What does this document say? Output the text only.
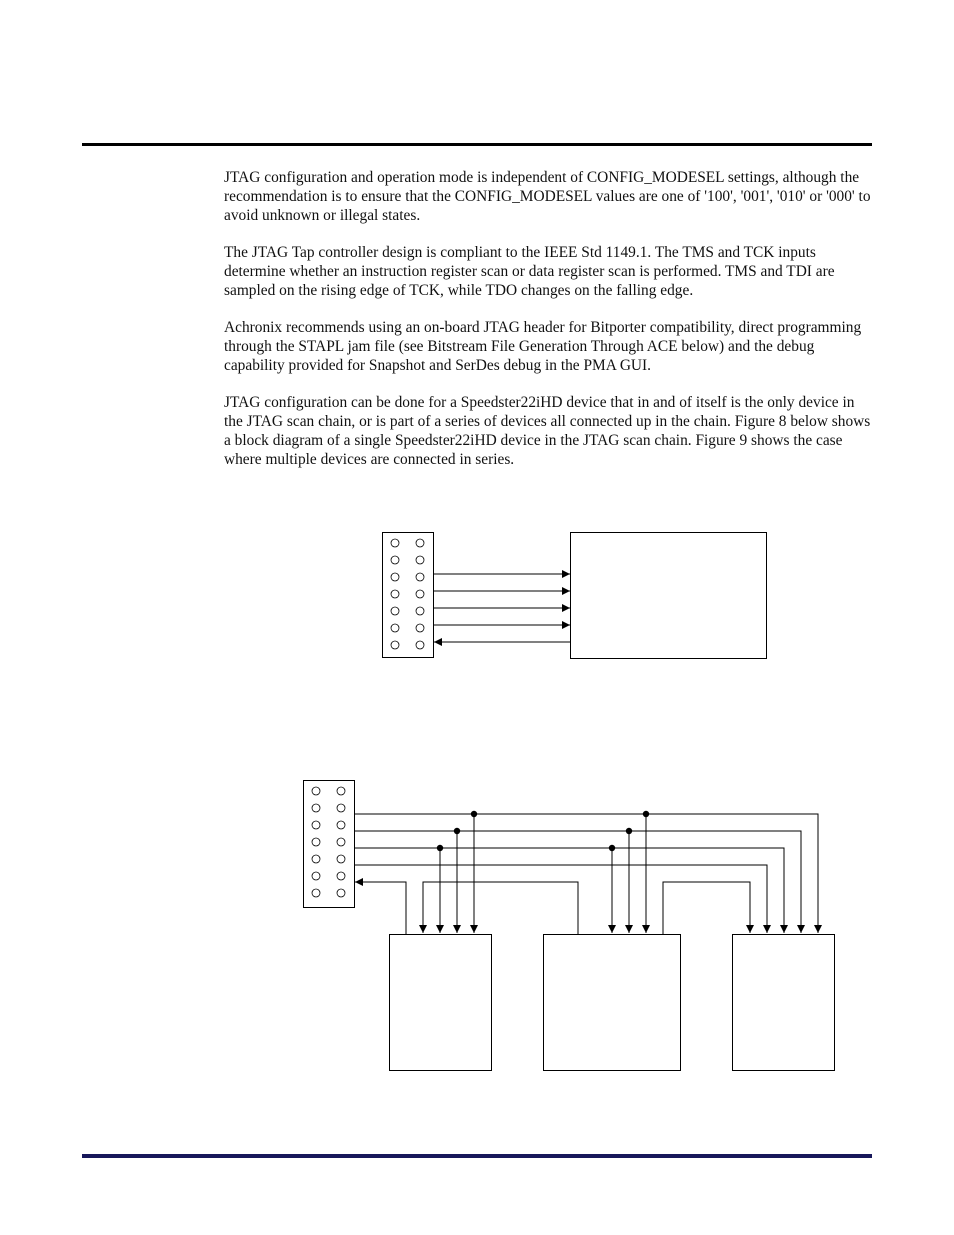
JTAG configuration and operation mode is independent of CONFIG_MODESEL settings, although the recommendation is to ensure that the CONFIG_MODESEL values are one of '100', '001', '010' or '000' to avoid unknown or illegal states.

The JTAG Tap controller design is compliant to the IEEE Std 1149.1. The TMS and TCK inputs determine whether an instruction register scan or data register scan is performed. TMS and TDI are sampled on the rising edge of TCK, while TDO changes on the falling edge.

Achronix recommends using an on-board JTAG header for Bitporter compatibility, direct programming through the STAPL jam file (see Bitstream File Generation Through ACE below) and the debug capability provided for Snapshot and SerDes debug in the PMA GUI.

JTAG configuration can be done for a Speedster22iHD device that in and of itself is the only device in the JTAG scan chain, or is part of a series of devices all connected up in the chain. Figure 8 below shows a block diagram of a single Speedster22iHD device in the JTAG scan chain. Figure 9 shows the case where multiple devices are connected in series.
